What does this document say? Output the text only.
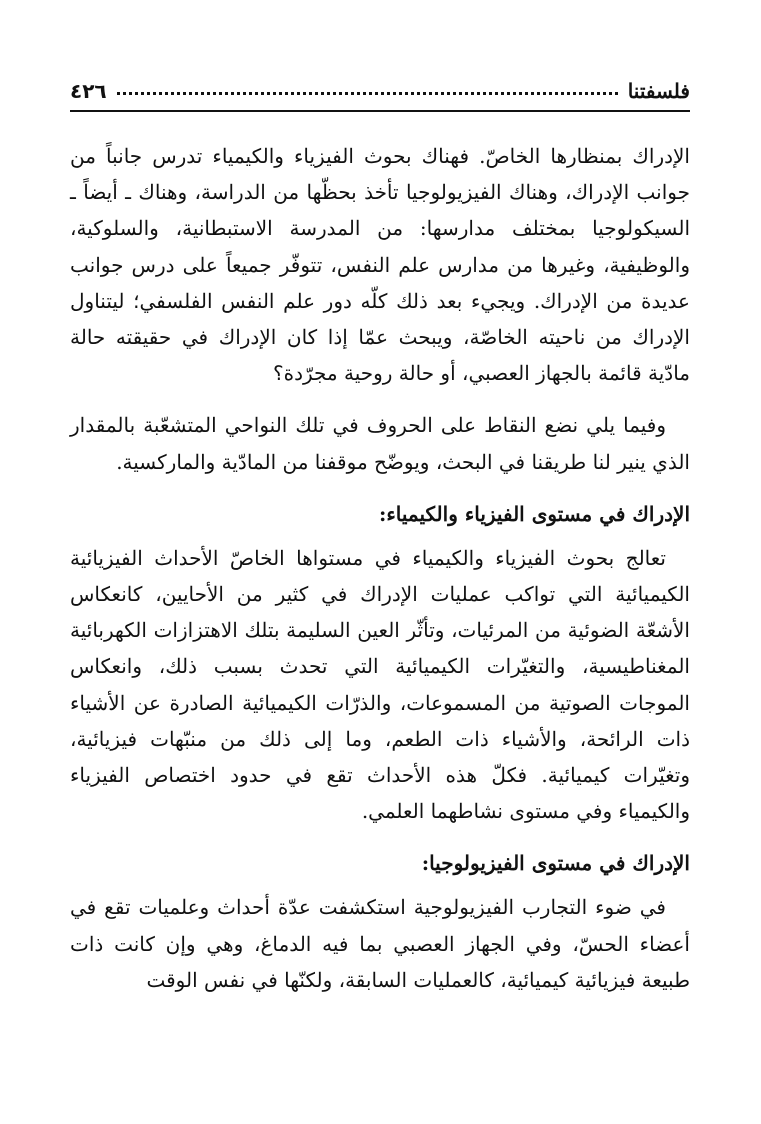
فلسفتنا
٤٢٦

الإدراك بمنظارها الخاصّ. فهناك بحوث الفيزياء والكيمياء تدرس جانباً من جوانب الإدراك، وهناك الفيزيولوجيا تأخذ بحظّها من الدراسة، وهناك ـ أيضاً ـ السيكولوجيا بمختلف مدارسها: من المدرسة الاستبطانية، والسلوكية، والوظيفية، وغيرها من مدارس علم النفس، تتوفّر جميعاً على درس جوانب عديدة من الإدراك. ويجيء بعد ذلك كلّه دور علم النفس الفلسفي؛ ليتناول الإدراك من ناحيته الخاصّة، ويبحث عمّا إذا كان الإدراك في حقيقته حالة مادّية قائمة بالجهاز العصبي، أو حالة روحية مجرّدة؟

وفيما يلي نضع النقاط على الحروف في تلك النواحي المتشعّبة بالمقدار الذي ينير لنا طريقنا في البحث، ويوضّح موقفنا من المادّية والماركسية.

الإدراك في مستوى الفيزياء والكيمياء:

تعالج بحوث الفيزياء والكيمياء في مستواها الخاصّ الأحداث الفيزيائية الكيميائية التي تواكب عمليات الإدراك في كثير من الأحايين، كانعكاس الأشعّة الضوئية من المرئيات، وتأثّر العين السليمة بتلك الاهتزازات الكهربائية المغناطيسية، والتغيّرات الكيميائية التي تحدث بسبب ذلك، وانعكاس الموجات الصوتية من المسموعات، والذرّات الكيميائية الصادرة عن الأشياء ذات الرائحة، والأشياء ذات الطعم، وما إلى ذلك من منبّهات فيزيائية، وتغيّرات كيميائية. فكلّ هذه الأحداث تقع في حدود اختصاص الفيزياء والكيمياء وفي مستوى نشاطهما العلمي.

الإدراك في مستوى الفيزيولوجيا:

في ضوء التجارب الفيزيولوجية استكشفت عدّة أحداث وعلميات تقع في أعضاء الحسّ، وفي الجهاز العصبي بما فيه الدماغ، وهي وإن كانت ذات طبيعة فيزيائية كيميائية، كالعمليات السابقة، ولكنّها في نفس الوقت
